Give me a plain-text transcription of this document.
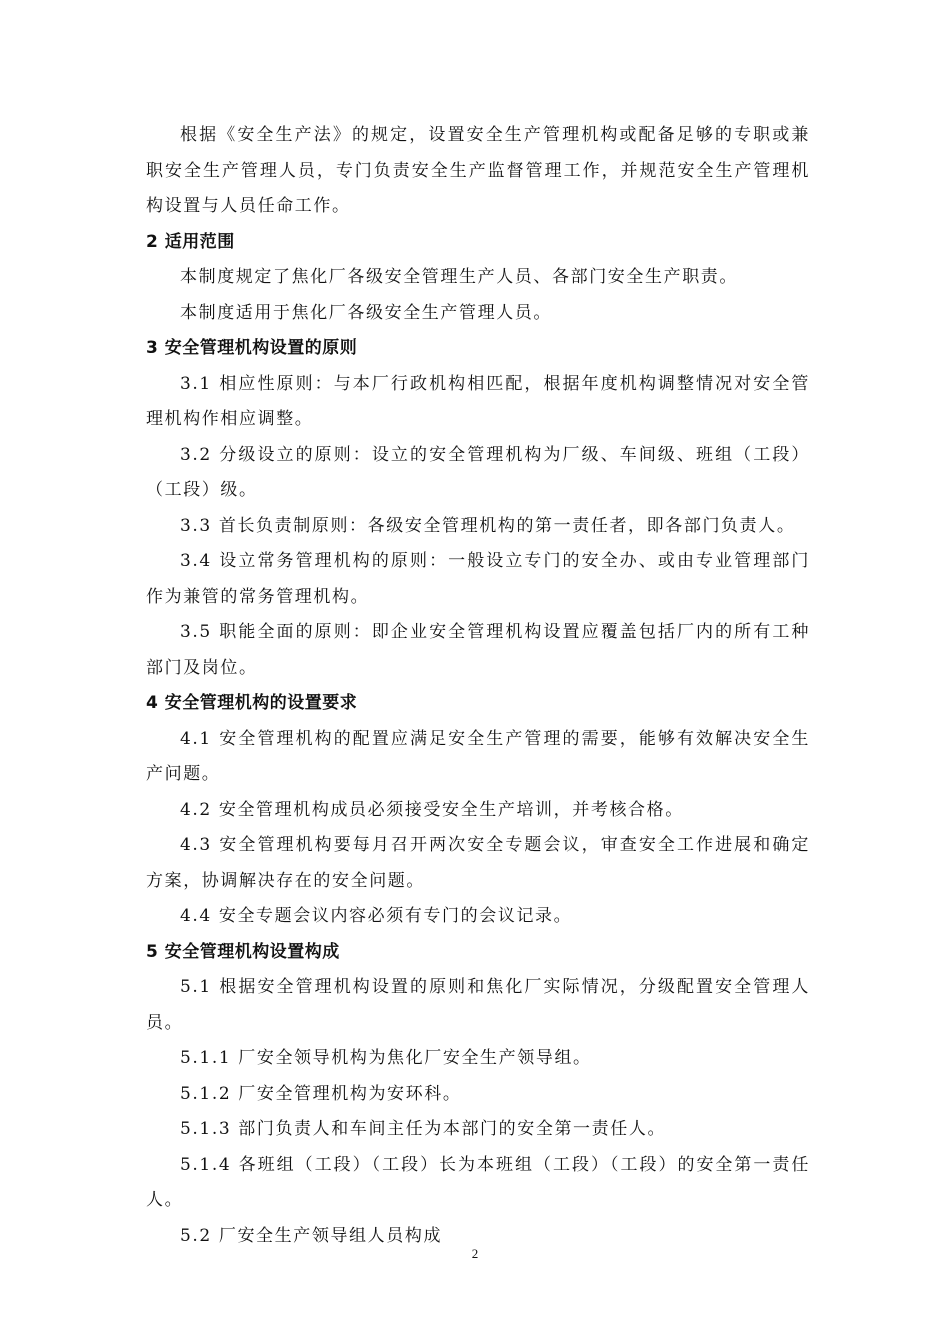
根据《安全生产法》的规定，设置安全生产管理机构或配备足够的专职或兼职安全生产管理人员，专门负责安全生产监督管理工作，并规范安全生产管理机构设置与人员任命工作。

2 适用范围

本制度规定了焦化厂各级安全管理生产人员、各部门安全生产职责。

本制度适用于焦化厂各级安全生产管理人员。

3 安全管理机构设置的原则

3.1 相应性原则：与本厂行政机构相匹配，根据年度机构调整情况对安全管理机构作相应调整。

3.2 分级设立的原则：设立的安全管理机构为厂级、车间级、班组（工段）（工段）级。

3.3 首长负责制原则：各级安全管理机构的第一责任者，即各部门负责人。

3.4 设立常务管理机构的原则：一般设立专门的安全办、或由专业管理部门作为兼管的常务管理机构。

3.5 职能全面的原则：即企业安全管理机构设置应覆盖包括厂内的所有工种部门及岗位。

4 安全管理机构的设置要求

4.1 安全管理机构的配置应满足安全生产管理的需要，能够有效解决安全生产问题。

4.2 安全管理机构成员必须接受安全生产培训，并考核合格。

4.3 安全管理机构要每月召开两次安全专题会议，审查安全工作进展和确定方案，协调解决存在的安全问题。

4.4 安全专题会议内容必须有专门的会议记录。

5 安全管理机构设置构成

5.1 根据安全管理机构设置的原则和焦化厂实际情况，分级配置安全管理人员。

5.1.1 厂安全领导机构为焦化厂安全生产领导组。

5.1.2 厂安全管理机构为安环科。

5.1.3 部门负责人和车间主任为本部门的安全第一责任人。

5.1.4 各班组（工段）（工段）长为本班组（工段）（工段）的安全第一责任人。

5.2 厂安全生产领导组人员构成

2
